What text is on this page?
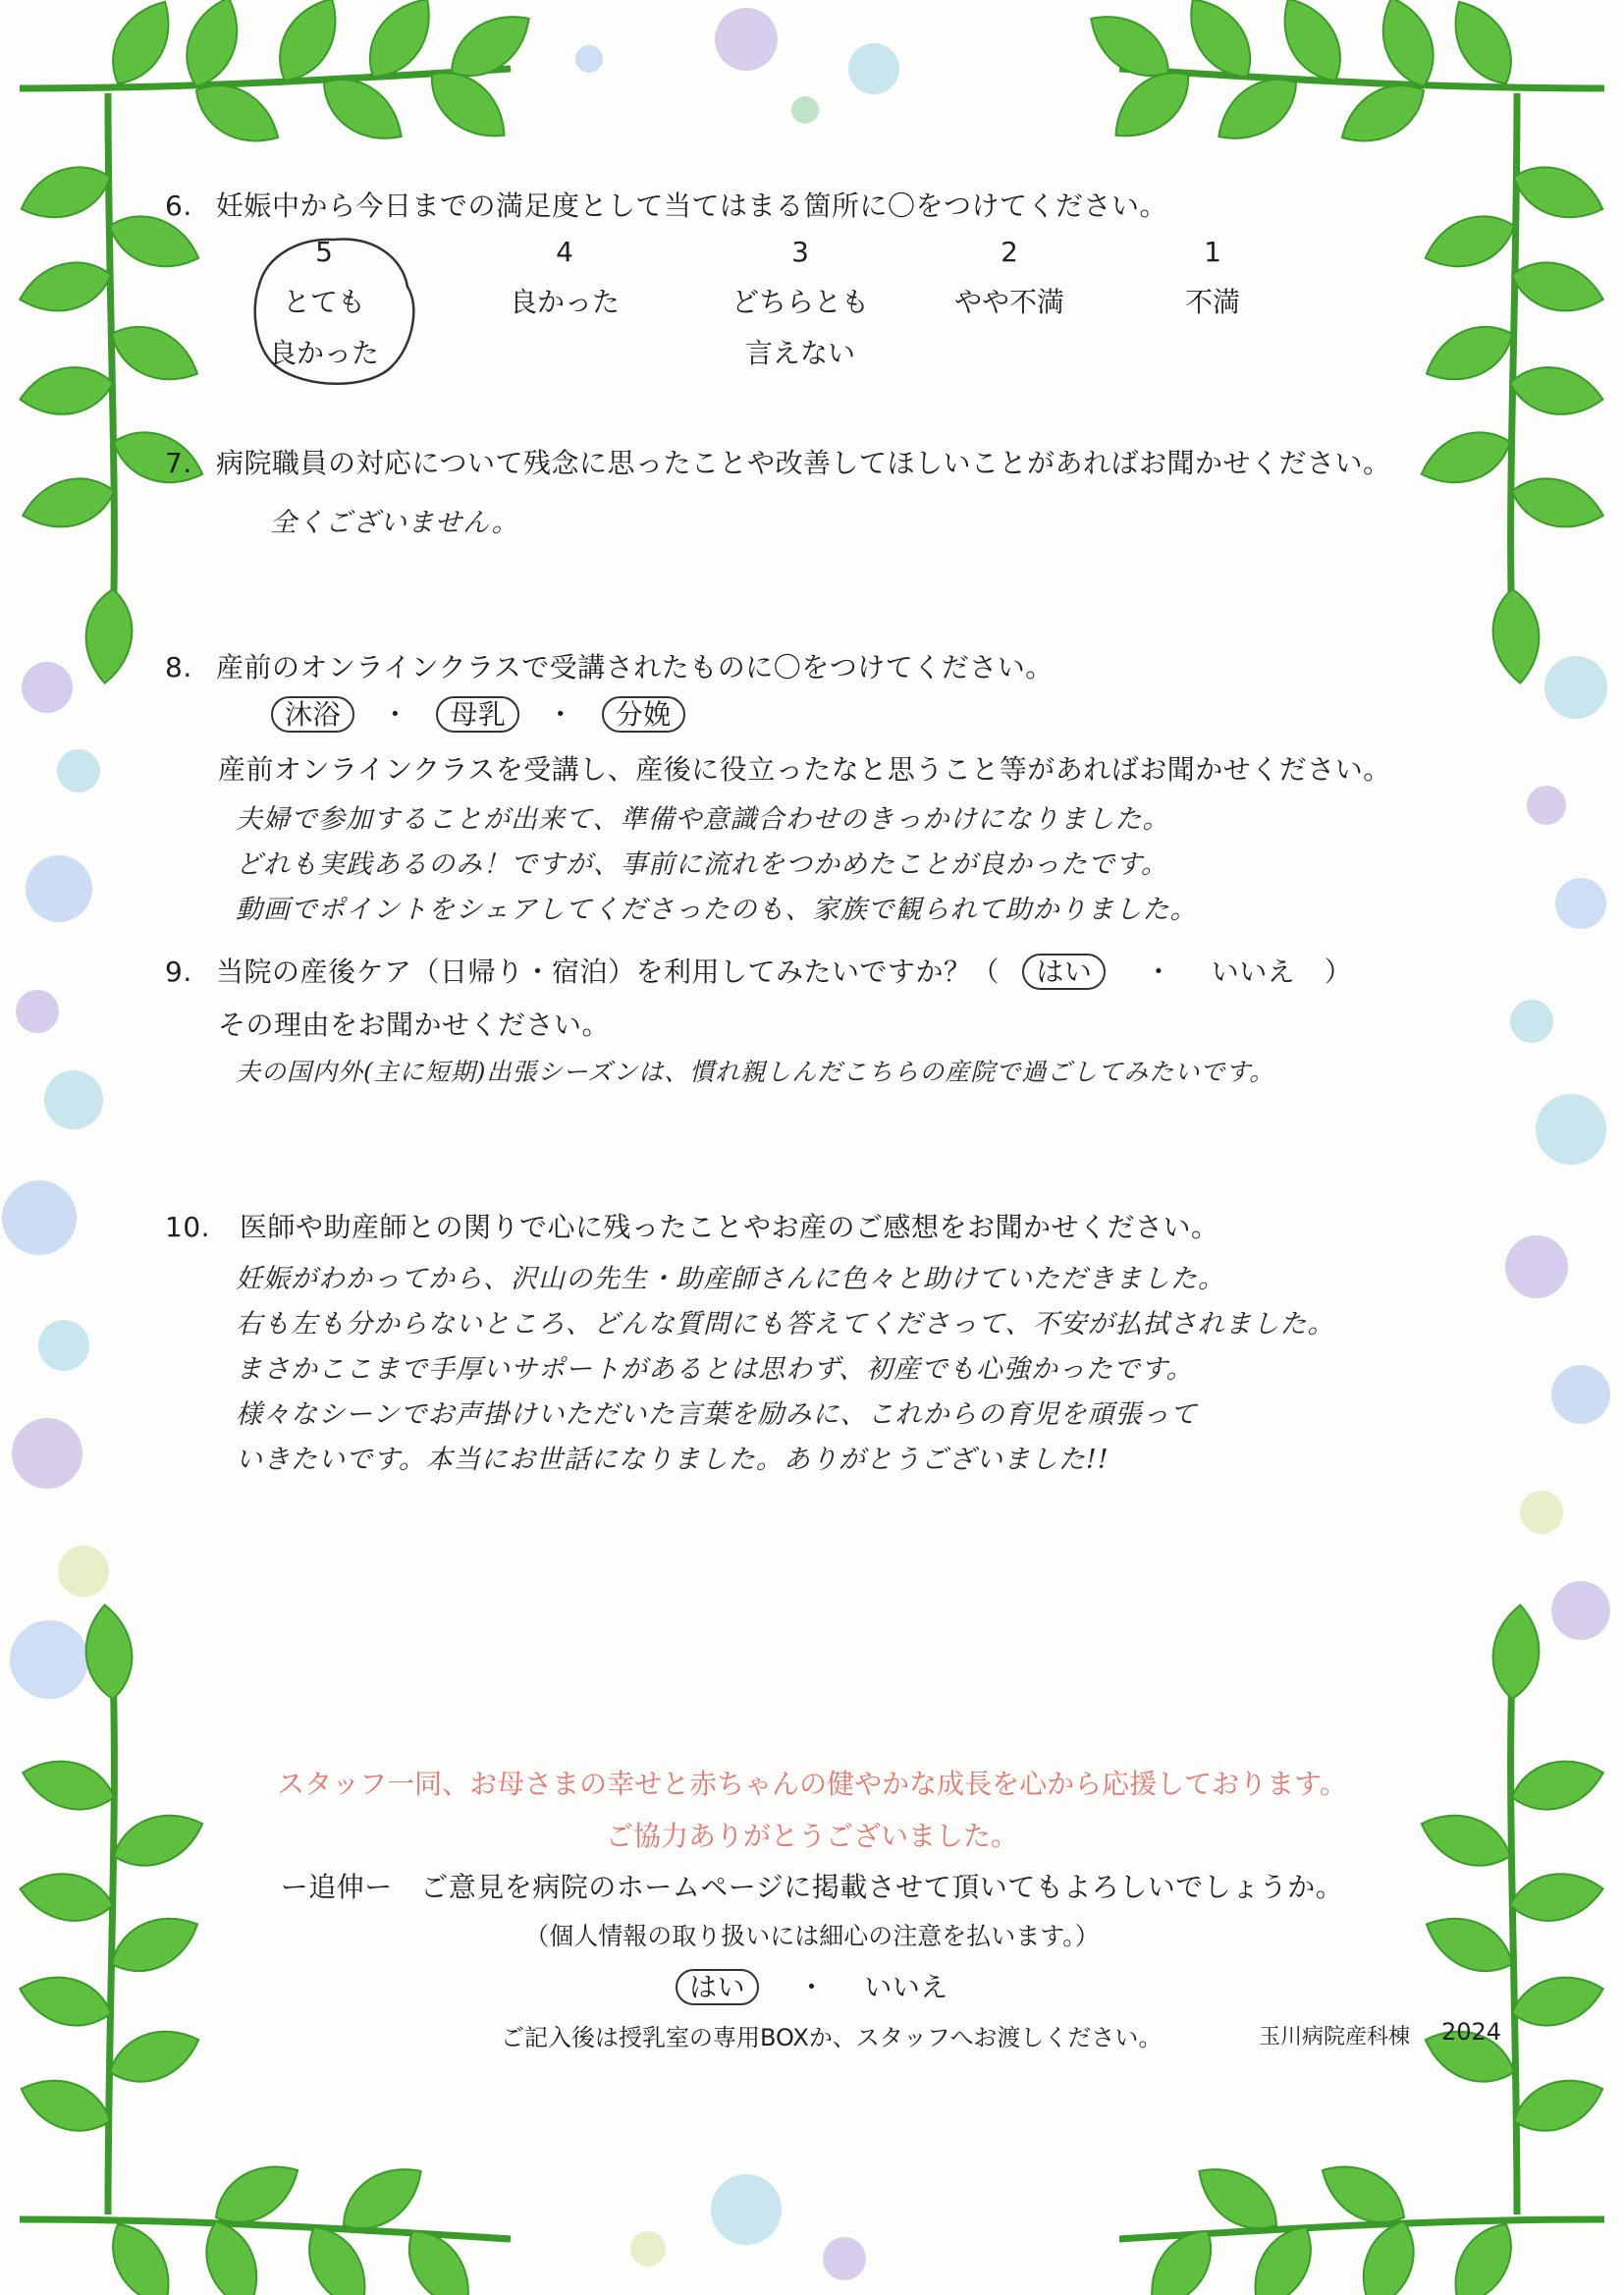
6. 妊娠中から今日までの満足度として当てはまる箇所に〇をつけてください。
5
とても
良かった
4
良かった
3
どちらとも
言えない
2
やや不満
1
不満
7. 病院職員の対応について残念に思ったことや改善してほしいことがあればお聞かせください。
全くございません。
8. 産前のオンラインクラスで受講されたものに〇をつけてください。
沐浴 ・ 母乳 ・ 分娩
産前オンラインクラスを受講し、産後に役立ったなと思うこと等があればお聞かせください。
夫婦で参加することが出来て、準備や意識合わせのきっかけになりました。
どれも実践あるのみ！ですが、事前に流れをつかめたことが良かったです。
動画でポイントをシェアしてくださったのも、家族で観られて助かりました。
9. 当院の産後ケア（日帰り・宿泊）を利用してみたいですか？（ はい ・ いいえ ）
その理由をお聞かせください。
夫の国内外(主に短期)出張シーズンは、慣れ親しんだこちらの産院で過ごしてみたいです。
10. 医師や助産師との関りで心に残ったことやお産のご感想をお聞かせください。
妊娠がわかってから、沢山の先生・助産師さんに色々と助けていただきました。
右も左も分からないところ、どんな質問にも答えてくださって、不安が払拭されました。
まさかここまで手厚いサポートがあるとは思わず、初産でも心強かったです。
様々なシーンでお声掛けいただいた言葉を励みに、これからの育児を頑張って
いきたいです。本当にお世話になりました。ありがとうございました!!
スタッフ一同、お母さまの幸せと赤ちゃんの健やかな成長を心から応援しております。
ご協力ありがとうございました。
ー追伸ー　ご意見を病院のホームページに掲載させて頂いてもよろしいでしょうか。
（個人情報の取り扱いには細心の注意を払います。）
はい ・ いいえ
ご記入後は授乳室の専用BOXか、スタッフへお渡しください。	玉川病院産科棟 2024
